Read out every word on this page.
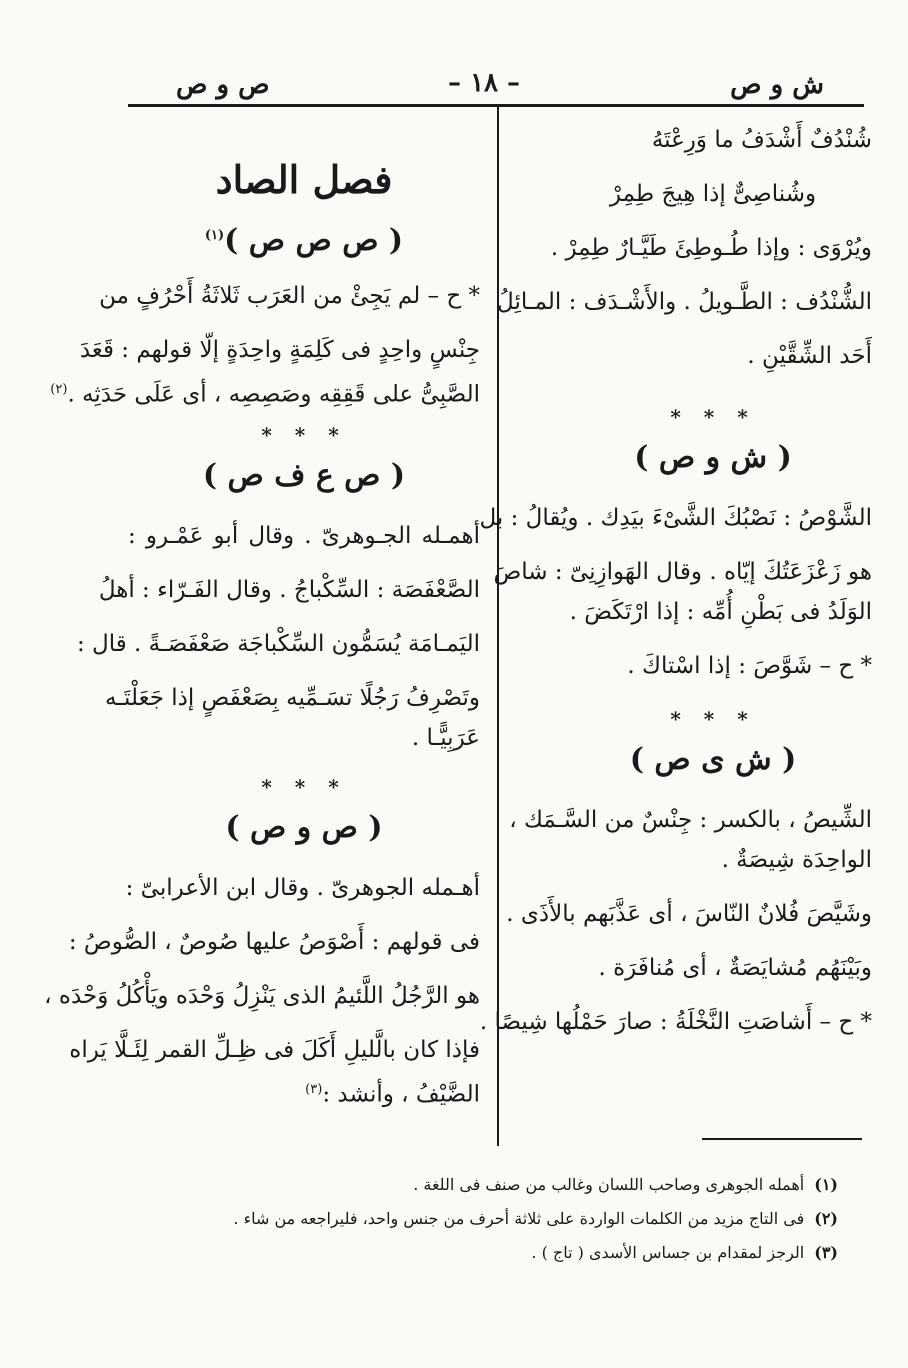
ش و ص
– ١٨ –
ص و ص
شُنْدُفٌ أَشْدَفُ ما وَرِعْتَهُ
وشُناصِىٌّ إذا هِيجَ طِمِرْ
ويُرْوَى : وإذا طُـوطِئَ طَيَّـارٌ طِمِرْ .
الشُّنْدُف : الطَّـويلُ . والأَشْـدَف : المـائِلُ
أَحَد الشِّقَّيْنِ .
* * *
( ش و ص )
الشَّوْصُ : نَصْبُكَ الشَّىْءَ بيَدِك . ويُقالُ : بل
هو زَعْزَعَتُكَ إيّاه . وقال الهَوازِنِىّ : شاصَ
الوَلَدُ فى بَطْنِ أُمِّه : إذا ارْتَكَضَ .
* ح – شَوَّصَ : إذا اسْتاكَ .
* * *
( ش ى ص )
الشِّيصُ ، بالكسر : جِنْسٌ من السَّـمَك ،
الواحِدَة شِيصَةٌ .
وشَيَّصَ فُلانٌ النّاسَ ، أى عَذَّبَهم بالأَذَى .
وبَيْنَهُم مُشايَصَةٌ ، أى مُنافَرَة .
* ح – أَشاصَتِ النَّخْلَةُ : صارَ حَمْلُها شِيصًا .
فصل الصاد
( ص ص ص )$^{(١)}$
* ح – لم يَجِئْ من العَرَب ثَلاثَةُ أَحْرُفٍ من
جِنْسٍ واحِدٍ فى كَلِمَةٍ واحِدَةٍ إلّا قولهم : قَعَدَ
الصَّبِىُّ على قَقِقِه وصَصِصِه ، أى عَلَى حَدَثِه .$^{(٢)}$
* * *
( ص ع ف ص )
أهمـله الجـوهرىّ . وقال أبو عَمْـرو :
الصَّعْفَصَة : السِّكْباجُ . وقال الفَـرّاء : أهلُ
اليَمـامَة يُسَمُّون السِّكْباجَة صَعْفَصَـةً . قال :
وتَصْرِفُ رَجُلًا تسَـمِّيه بِصَعْفَصٍ إذا جَعَلْتَـه
عَرَبِيًّـا .
* * *
( ص و ص )
أهـمله الجوهرىّ . وقال ابن الأعرابىّ :
فى قولهم : أَصْوَصُ عليها صُوصٌ ، الصُّوصُ :
هو الرَّجُلُ اللَّئيمُ الذى يَنْزِلُ وَحْدَه ويَأْكُلُ وَحْدَه ،
فإذا كان بالَّليلِ أَكَلَ فى ظِـلِّ القمر لِئَـلَّا يَراه
الضَّيْفُ ، وأنشد :$^{(٣)}$
(١)أهمله الجوهرى وصاحب اللسان وغالب من صنف فى اللغة .
(٢)فى التاج مزيد من الكلمات الواردة على ثلاثة أحرف من جنس واحد، فليراجعه من شاء .
(٣)الرجز لمقدام بن جساس الأسدى ( تاج ) .
